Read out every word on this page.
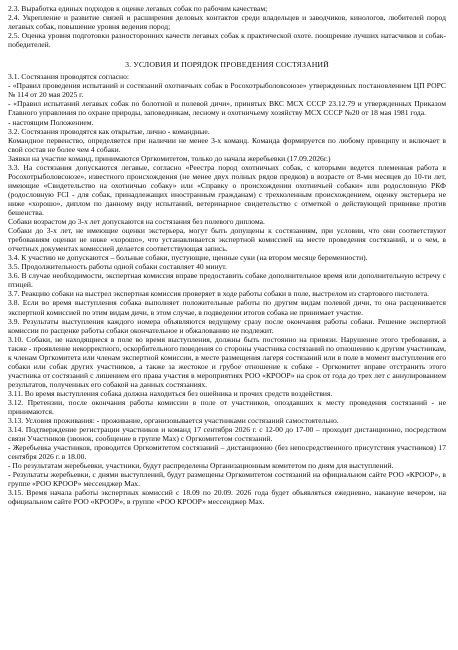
2.3. Выработка единых подходов к оценке легавых собак по рабочим качествам;

2.4. Укрепление и развитие связей и расширения деловых контактов среди владельцев и заводчиков, кинологов, любителей пород легавых собак, повышение уровня ведения пород;

2.5. Оценка уровня подготовки разносторонних качеств легавых собак к практической охоте. поощрение лучших натасчиков и собак-победителей.

3. УСЛОВИЯ И ПОРЯДОК ПРОВЕДЕНИЯ СОСТЯЗАНИЙ

3.1. Состязания проводятся согласно:

- «Правил проведения испытаний и состязаний охотничьих собак в Росохотрыболовсоюзе» утвержденных постановлением ЦП РОРС № 114 от 20 мая 2025 г.

- «Правил испытаний легавых собак по болотной и полевой дичи», принятых ВКС МСХ СССР 23.12.79 и утвержденных Приказом Главного управления по охране природы, заповедникам, лесному и охотничьему хозяйству МСХ СССР №20 от 18 мая 1981 года.

- настоящим Положением.

3.2. Состязания проводятся как открытые, лично - командные.

Командное первенство, определяется при наличии не менее 3-х команд. Команда формируется по любому принципу и включает в свой состав не более чем 4 собаки.

Заявки на участие команд, принимаются Оргкомитетом, только до начала жеребьевки (17.09.2026г.)

3.3. На состязания допускаются легавые, согласно «Реестра пород охотничьих собак, с которыми ведется племенная работа в Росохотрыболовсоюзе», известного происхождения (не менее двух полных рядов предков) в возрасте от 8-ми месяцев до 10-ти лет, имеющие «Свидетельство на охотничью собаку» или «Справку о происхождении охотничьей собаки» или родословную РКФ (родословную FCI - для собак, принадлежащих иностранным гражданам) с трехколенным происхождением, оценку экстерьера не ниже «хорошо», диплом по данному виду испытаний, ветеринарное свидетельство с отметкой о действующей прививке против бешенства.

Собаки возрастом до 3-х лет допускаются на состязания без полевого диплома.

Собаки до 3-х лет, не имеющие оценки экстерьера, могут быть допущены к состязаниям, при условии, что они соответствуют требованиям оценки не ниже «хорошо», что устанавливается экспертной комиссией на месте проведения состязаний, и о чем, в отчетных документах комиссией делается соответствующая запись.

3.4. К участию не допускаются – больные собаки, пустующие, щенные суки (на втором месяце беременности).

3.5. Продолжительность работы одной собаки составляет 40 минут.

3.6. В случае необходимости, экспертная комиссия вправе предоставить собаке дополнительное время или дополнительную встречу с птицей.

3.7. Реакцию собаки на выстрел экспертная комиссия проверяет в ходе работы собаки в поле, выстрелом из стартового пистолета.

3.8. Если во время выступления собака выполняет положительные работы по другим видам полевой дичи, то она расценивается экспертной комиссией по этим видам дичи, в этом случае, в подведении итогов собака не принимает участие.

3.9. Результаты выступления каждого номера объявляются ведущему сразу после окончания работы собаки. Решение экспертной комиссии по расценке работы собаки окончательное и обжалованию не подлежит.

3.10. Собаки, не находящиеся в поле во время выступления, должны быть постоянно на привязи. Нарушение этого требования, а также - проявление некорректного, оскорбительного поведения со стороны участника состязаний по отношению к другим участникам, к членам Оргкомитета или членам экспертной комиссии, в месте размещения лагеря состязаний или в поле в момент выступления его собаки или собак других участников, а также за жестокое и грубое отношение к собаке - Оргкомитет вправе отстранить этого участника от состязаний с лишением его права участия в мероприятиях РОО «КРООР» на срок от года до трех лет с аннулированием результатов, полученных его собакой на данных состязаниях.

3.11. Во время выступления собака должна находиться без ошейника и прочих средств воздействия.

3.12. Претензии, после окончания работы комиссии в поле от участников, опоздавших к месту проведения состязаний - не принимаются.

3.13. Условия проживания: - проживание, организовывается участниками состязаний самостоятельно.

3.14. Подтверждение регистрации участников и команд 17 сентября 2026 г. с 12-00 до 17-00 – проходит дистанционно, посредством связи Участников (звонок, сообщение в группе Max) с Оргкомитетом состязаний.

- Жеребьевка участников, проводится Оргкомитетом состязаний – дистанционно (без непосредственного присутствия участников) 17 сентября 2026 г. в 18.00.

- По результатам жеребьевки, участники, будут распределены Организационным комитетом по дням для выступлений.

- Результаты жеребьевки, с днями выступлений, будут размещены Оргкомитетом состязаний на официальном сайте РОО «КРООР», в группе «РОО КРООР» мессенджер Max.

3.15. Время начала работы экспертных комиссий с 18.09 по 20.09. 2026 года будет объявляться ежедневно, накануне вечером, на официальном сайте РОО «КРООР», в группе «РОО КРООР» мессенджер Max.
